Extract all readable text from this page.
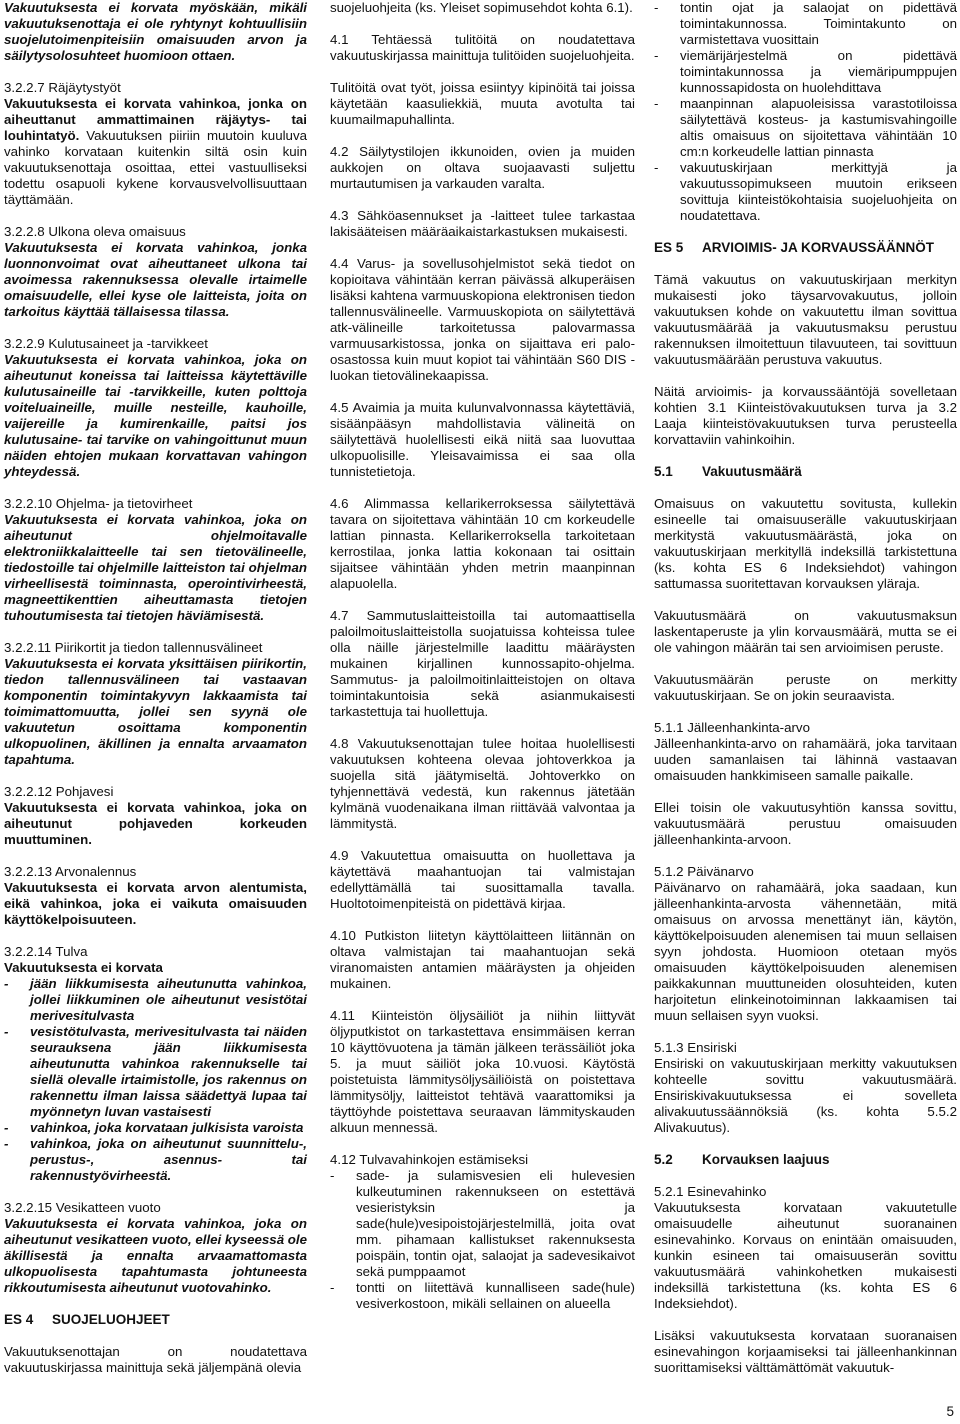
Vakuutuksesta ei korvata myöskään, mikäli vakuutuksenottaja ei ole ryhtynyt kohtuullisiin suojelutoimenpiteisiin omaisuuden arvon ja säilytysolosuhteet huomioon ottaen.

3.2.2.7 Räjäytystyöt
Vakuutuksesta ei korvata vahinkoa, jonka on aiheuttanut ammattimainen räjäytys- tai louhintatyö. Vakuutuksen piiriin muutoin kuuluva vahinko korvataan kuitenkin siltä osin kuin vakuutuksenottaja osoittaa, ettei vastuulliseksi todettu osapuoli kykene korvausvelvollisuuttaan täyttämään.

3.2.2.8 Ulkona oleva omaisuus
Vakuutuksesta ei korvata vahinkoa, jonka luonnonvoimat ovat aiheuttaneet ulkona tai avoimessa rakennuksessa olevalle irtaimelle omaisuudelle, ellei kyse ole laitteista, joita on tarkoitus käyttää tällaisessa tilassa.

3.2.2.9 Kulutusaineet ja -tarvikkeet
Vakuutuksesta ei korvata vahinkoa, joka on aiheutunut koneissa tai laitteissa käytettäville kulutusaineille tai -tarvikkeille, kuten polttoja voiteluaineille, muille nesteille, kauhoille, vaijereille ja kumirenkaille, paitsi jos kulutusaine- tai tarvike on vahingoittunut muun näiden ehtojen mukaan korvattavan vahingon yhteydessä.

3.2.2.10 Ohjelma- ja tietovirheet
Vakuutuksesta ei korvata vahinkoa, joka on aiheutunut ohjelmoitavalle elektroniikkalaitteelle tai sen tietovälineelle, tiedostoille tai ohjelmille laitteiston tai ohjelman virheellisestä toiminnasta, operointivirheestä, magneettikenttien aiheuttamasta tietojen tuhoutumisesta tai tietojen häviämisestä.

3.2.2.11 Piirikortit ja tiedon tallennusvälineet
Vakuutuksesta ei korvata yksittäisen piirikortin, tiedon tallennusvälineen tai vastaavan komponentin toimintakyvyn lakkaamista tai toimimattomuutta, jollei sen syynä ole vakuutetun osoittama komponentin ulkopuolinen, äkillinen ja ennalta arvaamaton tapahtuma.

3.2.2.12 Pohjavesi
Vakuutuksesta ei korvata vahinkoa, joka on aiheutunut pohjaveden korkeuden muuttuminen.

3.2.2.13 Arvonalennus
Vakuutuksesta ei korvata arvon alentumista, eikä vahinkoa, joka ei vaikuta omaisuuden käyttökelpoisuuteen.

3.2.2.14 Tulva
Vakuutuksesta ei korvata
- jään liikkumisesta aiheutunutta vahinkoa, jollei liikkuminen ole aiheutunut vesistötai merivesitulvasta
- vesistötulvasta, merivesitulvasta tai näiden seurauksena jään liikkumisesta aiheutunutta vahinkoa rakennukselle tai siellä olevalle irtaimistolle, jos rakennus on rakennettu ilman laissa säädettyä lupaa tai myönnetyn luvan vastaisesti
- vahinkoa, joka korvataan julkisista varoista
- vahinkoa, joka on aiheutunut suunnittelu-, perustus-, asennus- tai rakennustyövirheestä.

3.2.2.15 Vesikatteen vuoto
Vakuutuksesta ei korvata vahinkoa, joka on aiheutunut vesikatteen vuoto, ellei kyseessä ole äkillisestä ja ennalta arvaamattomasta ulkopuolisesta tapahtumasta johtuneesta rikkoutumisesta aiheutunut vuotovahinko.

ES 4	SUOJELUOHJEET

Vakuutuksenottajan on noudatettava vakuutuskirjassa mainittuja sekä jäljempänä olevia

suojeluohjeita (ks. Yleiset sopimusehdot kohta 6.1).

4.1 Tehtäessä tulitöitä on noudatettava vakuutuskirjassa mainittuja tulitöiden suojeluohjeita.

Tulitöitä ovat työt, joissa esiintyy kipinöitä tai joissa käytetään kaasuliekkiä, muuta avotulta tai kuumailmapuhallinta.

4.2 Säilytystilojen ikkunoiden, ovien ja muiden aukkojen on oltava suojaavasti suljettu murtautumisen ja varkauden varalta.

4.3 Sähköasennukset ja -laitteet tulee tarkastaa lakisääteisen määräaikaistarkastuksen mukaisesti.

4.4 Varus- ja sovellusohjelmistot sekä tiedot on kopioitava vähintään kerran päivässä alkuperäisen lisäksi kahtena varmuuskopiona elektronisen tiedon tallennusvälineelle. Varmuuskopiota on säilytettävä atk-välineille tarkoitetussa palovarmassa varmuusarkistossa, jonka on sijaittava eri palo-osastossa kuin muut kopiot tai vähintään S60 DIS -luokan tietovälinekaapissa.

4.5 Avaimia ja muita kulunvalvonnassa käytettäviä, sisäänpääsyn mahdollistavia välineitä on säilytettävä huolellisesti eikä niitä saa luovuttaa ulkopuolisille. Yleisavaimissa ei saa olla tunnistetietoja.

4.6 Alimmassa kellarikerroksessa säilytettävä tavara on sijoitettava vähintään 10 cm korkeudelle lattian pinnasta. Kellarikerroksella tarkoitetaan kerrostilaa, jonka lattia kokonaan tai osittain sijaitsee vähintään yhden metrin maanpinnan alapuolella.

4.7 Sammutuslaitteistoilla tai automaattisella paloilmoituslaitteistolla suojatuissa kohteissa tulee olla näille järjestelmille laadittu määräysten mukainen kirjallinen kunnossapito-ohjelma. Sammutus- ja paloilmoitinlaitteistojen on oltava toimintakuntoisia sekä asianmukaisesti tarkastettuja tai huollettuja.

4.8 Vakuutuksenottajan tulee hoitaa huolellisesti vakuutuksen kohteena olevaa johtoverkkoa ja suojella sitä jäätymiseltä. Johtoverkko on tyhjennettävä vedestä, kun rakennus jätetään kylmänä vuodenaikana ilman riittävää valvontaa ja lämmitystä.

4.9 Vakuutettua omaisuutta on huollettava ja käytettävä maahantuojan tai valmistajan edellyttämällä tai suosittamalla tavalla. Huoltotoimenpiteistä on pidettävä kirjaa.

4.10 Putkiston liitetyn käyttölaitteen liitännän on oltava valmistajan tai maahantuojan sekä viranomaisten antamien määräysten ja ohjeiden mukainen.

4.11 Kiinteistön öljysäiliöt ja niihin liittyvät öljyputkistot on tarkastettava ensimmäisen kerran 10 käyttövuotena ja tämän jälkeen terässäiliöt joka 5. ja muut säiliöt joka 10.vuosi. Käytöstä poistetuista lämmitysöljysäiliöistä on poistettava lämmitysöljy, laitteistot tehtävä vaarattomiksi ja täyttöyhde poistettava seuraavan lämmityskauden alkuun mennessä.

4.12 Tulvavahinkojen estämiseksi
- sade- ja sulamisvesien eli hulevesien kulkeutuminen rakennukseen on estettävä vesieristyksin ja sade(hule)vesipoistojärjestelmillä, joita ovat mm. pihamaan kallistukset rakennuksesta poispäin, tontin ojat, salaojat ja sadevesikaivot sekä pumppaamot
- tontti on liitettävä kunnalliseen sade(hule) vesiverkostoon, mikäli sellainen on alueella
- tontin ojat ja salaojat on pidettävä toimintakunnossa. Toimintakunto on varmistettava vuosittain
- viemärijärjestelmä on pidettävä toimintakunnossa ja viemäripumppujen kunnossapidosta on huolehdittava
- maanpinnan alapuoleisissa varastotiloissa säilytettävä kosteus- ja kastumisvahingoille altis omaisuus on sijoitettava vähintään 10 cm:n korkeudelle lattian pinnasta
- vakuutuskirjaan merkittyjä ja vakuutussopimukseen muutoin erikseen sovittuja kiinteistökohtaisia suojeluohjeita on noudatettava.
ES 5	ARVIOIMIS- JA KORVAUSSÄÄNNÖT

Tämä vakuutus on vakuutuskirjaan merkityn mukaisesti joko täysarvovakuutus, jolloin vakuutuksen kohde on vakuutettu ilman sovittua vakuutusmäärää ja vakuutusmaksu perustuu rakennuksen ilmoitettuun tilavuuteen, tai sovittuun vakuutusmäärään perustuva vakuutus.

Näitä arvioimis- ja korvaussääntöjä sovelletaan kohtien 3.1 Kiinteistövakuutuksen turva ja 3.2 Laaja kiinteistövakuutuksen turva perusteella korvattaviin vahinkoihin.

5.1	Vakuutusmäärä

Omaisuus on vakuutettu sovitusta, kullekin esineelle tai omaisuuserälle vakuutuskirjaan merkitystä vakuutusmäärästä, joka on vakuutuskirjaan merkityllä indeksillä tarkistettuna (ks. kohta ES 6 Indeksiehdot) vahingon sattumassa suoritettavan korvauksen yläraja.

Vakuutusmäärä on vakuutusmaksun laskentaperuste ja ylin korvausmäärä, mutta se ei ole vahingon määrän tai sen arvioimisen peruste.

Vakuutusmäärän peruste on merkitty vakuutuskirjaan. Se on jokin seuraavista.

5.1.1 Jälleenhankinta-arvo
Jälleenhankinta-arvo on rahamäärä, joka tarvitaan uuden samanlaisen tai lähinnä vastaavan omaisuuden hankkimiseen samalle paikalle.

Ellei toisin ole vakuutusyhtiön kanssa sovittu, vakuutusmäärä perustuu omaisuuden jälleenhankinta-arvoon.

5.1.2 Päivänarvo
Päivänarvo on rahamäärä, joka saadaan, kun jälleenhankinta-arvosta vähennetään, mitä omaisuus on arvossa menettänyt iän, käytön, käyttökelpoisuuden alenemisen tai muun sellaisen syyn johdosta. Huomioon otetaan myös omaisuuden käyttökelpoisuuden alenemisen paikkakunnan muuttuneiden olosuhteiden, kuten harjoitetun elinkeinotoiminnan lakkaamisen tai muun sellaisen syyn vuoksi.

5.1.3 Ensiriski
Ensiriski on vakuutuskirjaan merkitty vakuutuksen kohteelle sovittu vakuutusmäärä. Ensiriskivakuutuksessa ei sovelleta alivakuutussäännöksiä (ks. kohta 5.5.2 Alivakuutus).

5.2	Korvauksen laajuus

5.2.1 Esinevahinko
Vakuutuksesta korvataan vakuutetulle omaisuudelle aiheutunut suoranainen esinevahinko. Korvaus on enintään omaisuuden, kunkin esineen tai omaisuuserän sovittu vakuutusmäärä vahinkohetken mukaisesti indeksillä tarkistettuna (ks. kohta ES 6 Indeksiehdot).

Lisäksi vakuutuksesta korvataan suoranaisen esinevahingon korjaamiseksi tai jälleenhankinnan suorittamiseksi välttämättömät vakuutuk-

5
